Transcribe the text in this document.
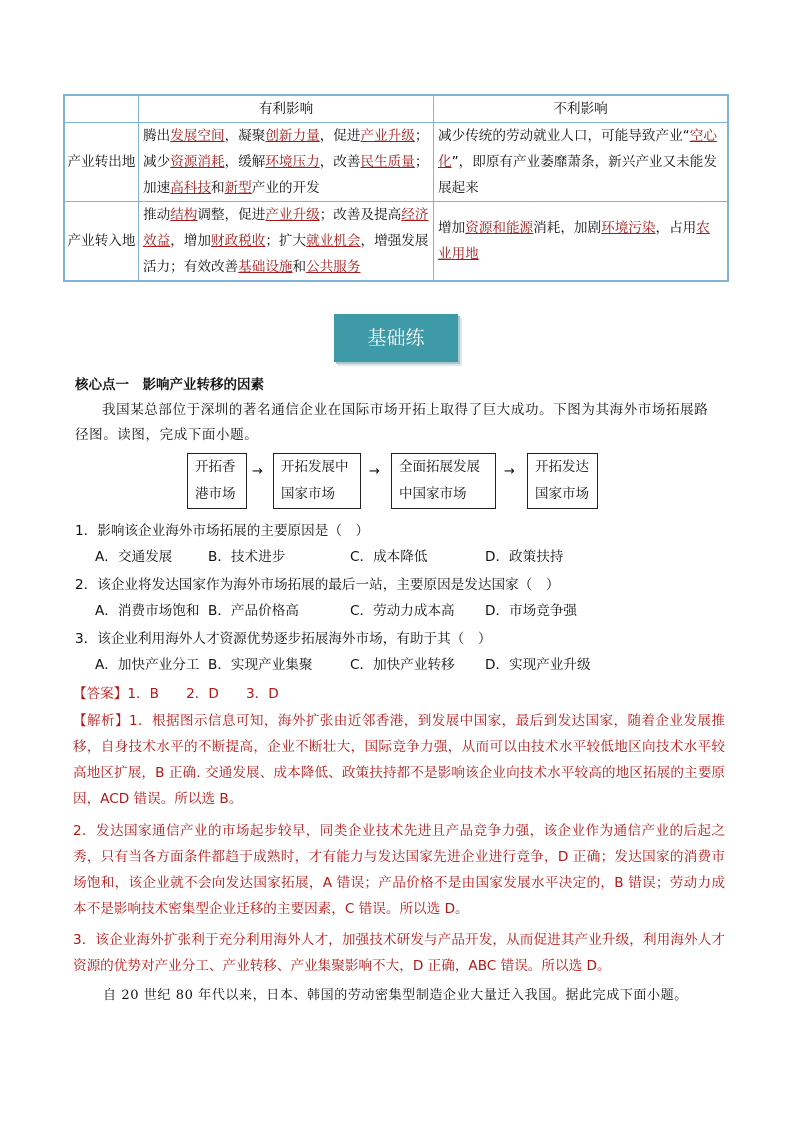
	有利影响	不利影响
产业转出地	腾出发展空间，凝聚创新力量，促进产业升级；减少资源消耗，缓解环境压力，改善民生质量；加速高科技和新型产业的开发	减少传统的劳动就业人口，可能导致产业“空心化”，即原有产业萎靡萧条，新兴产业又未能发展起来
产业转入地	推动结构调整，促进产业升级；改善及提高经济效益，增加财政税收；扩大就业机会，增强发展活力；有效改善基础设施和公共服务	增加资源和能源消耗，加剧环境污染，占用农业用地
基础练
核心点一　影响产业转移的因素
我国某总部位于深圳的著名通信企业在国际市场开拓上取得了巨大成功。下图为其海外市场拓展路径图。读图，完成下面小题。
开拓香
港市场
→ 开拓发展中
国家市场
→ 全面拓展发展
中国家市场
→ 开拓发达
国家市场
1．影响该企业海外市场拓展的主要原因是（　）
A．交通发展	B．技术进步	C．成本降低	D．政策扶持
2．该企业将发达国家作为海外市场拓展的最后一站，主要原因是发达国家（　）
A．消费市场饱和 B．产品价格高	C．劳动力成本高 D．市场竞争强
3．该企业利用海外人才资源优势逐步拓展海外市场，有助于其（　）
A．加快产业分工 B．实现产业集聚	C．加快产业转移 D．实现产业升级
【答案】1．B　　2．D　　3．D
【解析】1．根据图示信息可知，海外扩张由近邻香港，到发展中国家，最后到发达国家，随着企业发展推移，自身技术水平的不断提高，企业不断壮大，国际竞争力强，从而可以由技术水平较低地区向技术水平较高地区扩展，B 正确. 交通发展、成本降低、政策扶持都不是影响该企业向技术水平较高的地区拓展的主要原因，ACD 错误。所以选 B。
2．发达国家通信产业的市场起步较早，同类企业技术先进且产品竞争力强，该企业作为通信产业的后起之秀，只有当各方面条件都趋于成熟时，才有能力与发达国家先进企业进行竞争，D 正确；发达国家的消费市场饱和，该企业就不会向发达国家拓展，A 错误；产品价格不是由国家发展水平决定的，B 错误；劳动力成本不是影响技术密集型企业迁移的主要因素，C 错误。所以选 D。
3．该企业海外扩张利于充分利用海外人才，加强技术研发与产品开发，从而促进其产业升级，利用海外人才资源的优势对产业分工、产业转移、产业集聚影响不大，D 正确，ABC 错误。所以选 D。
自 20 世纪 80 年代以来，日本、韩国的劳动密集型制造企业大量迁入我国。据此完成下面小题。
